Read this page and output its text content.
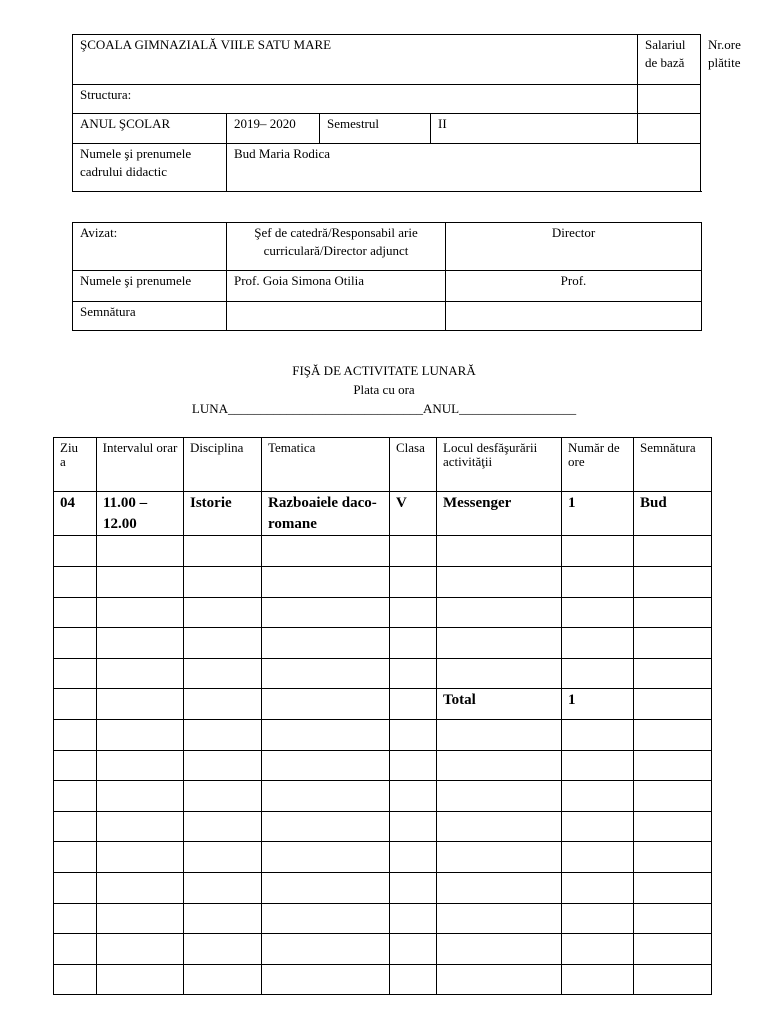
ŞCOALA GIMNAZIALĂ VIILE SATU MARE				Salariul de bază	Nr.ore plătite
Structura:					
ANUL ŞCOLAR	2019– 2020	Semestrul	II		
Numele şi prenumele cadrului didactic	Bud Maria Rodica				
Avizat:	Şef de catedră/Responsabil arie curriculară/Director adjunct	Director
Numele şi prenumele	Prof. Goia Simona Otilia	Prof.
Semnătura		
FIŞĂ DE ACTIVITATE LUNARĂ
Plata cu ora
LUNA______________________________ANUL__________________
Ziua	Intervalul orar	Disciplina	Tematica	Clasa	Locul desfăşurării activităţii	Număr de ore	Semnătura
04	11.00 – 12.00	Istorie	Razboaiele daco-romane	V	Messenger	1	Bud

					Total	1	
